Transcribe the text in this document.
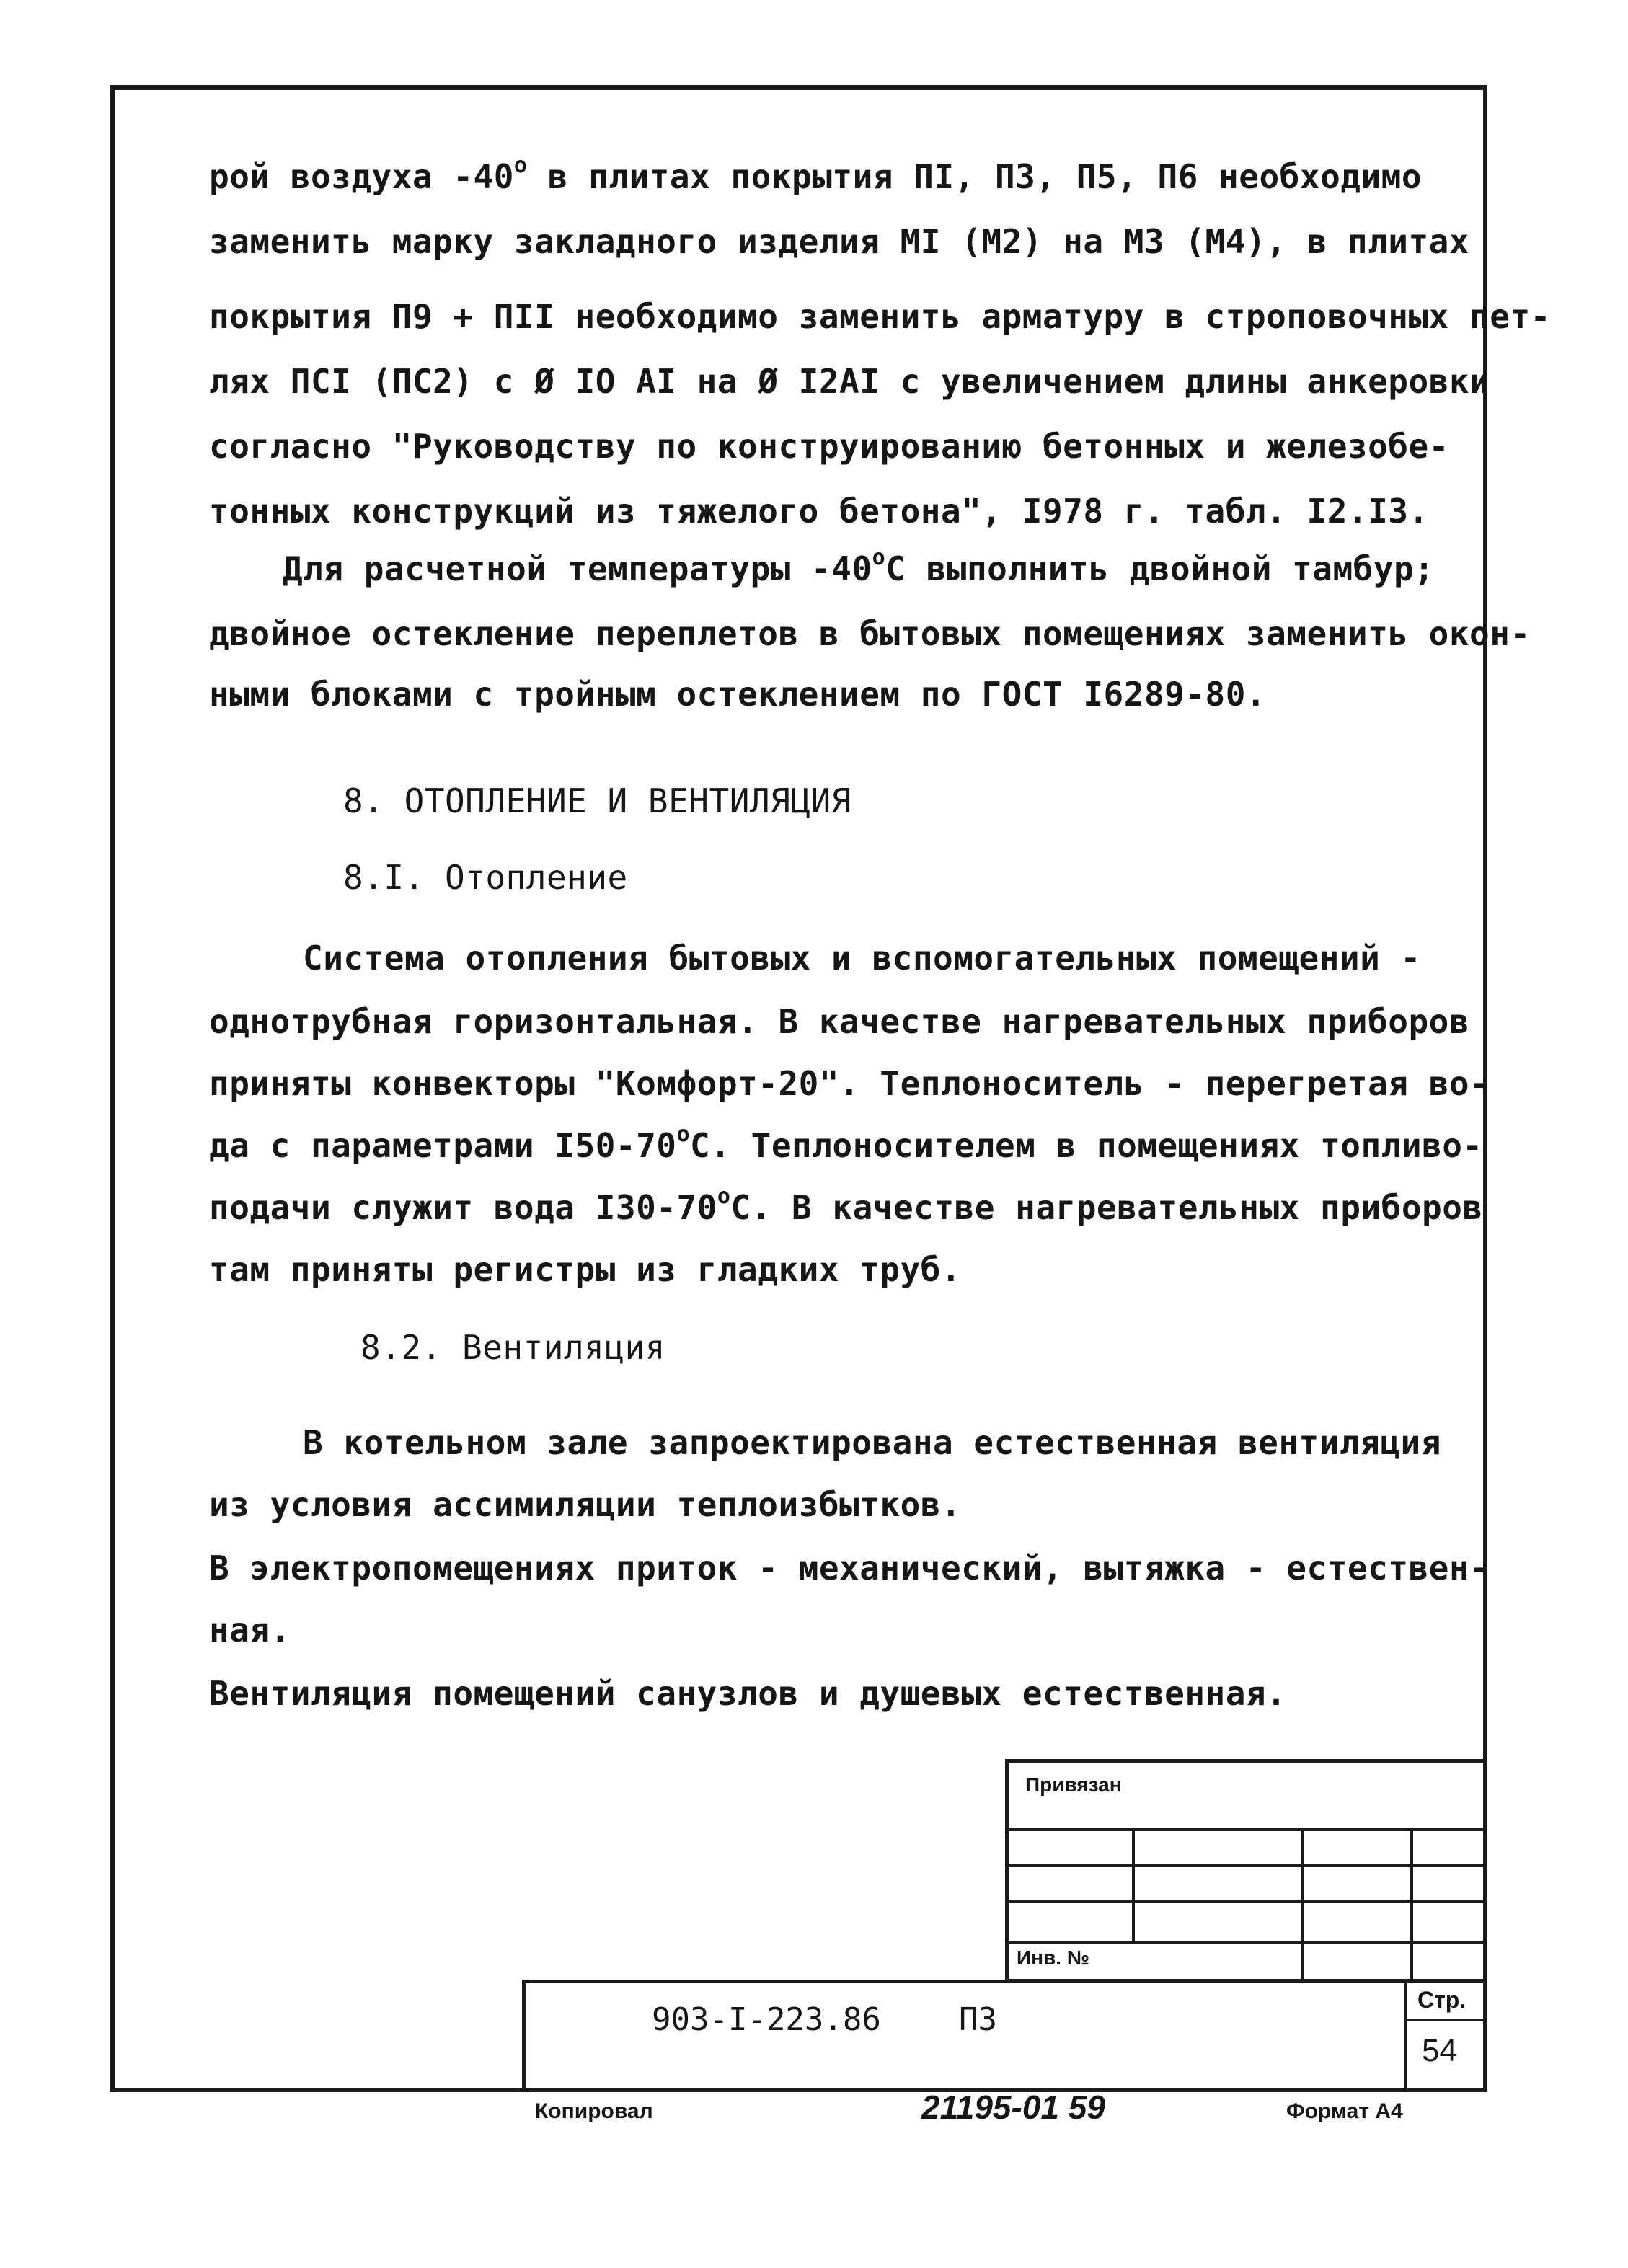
рой воздуха $-40^о$ в плитах покрытия ПI, П3, П5, П6 необходимо
заменить марку закладного изделия МI (М2) на М3 (М4), в плитах
покрытия П9 + ПII необходимо заменить арматуру в строповочных пет-
лях ПСI (ПС2) с Ø IO AI на Ø I2AI с увеличением длины анкеровки
согласно "Руководству по конструированию бетонных и железобе-
тонных конструкций из тяжелого бетона", I978 г. табл. I2.I3.
Для расчетной температуры $-40^оС$ выполнить двойной тамбур;
двойное остекление переплетов в бытовых помещениях заменить окон-
ными блоками с тройным остеклением по ГОСТ I6289-80.
8. ОТОПЛЕНИЕ И ВЕНТИЛЯЦИЯ
8.I. Отопление
Система отопления бытовых и вспомогательных помещений -
однотрубная горизонтальная. В качестве нагревательных приборов
приняты конвекторы "Комфорт-20". Теплоноситель - перегретая во-
да с параметрами $I50-70^оС$. Теплоносителем в помещениях топливо-
подачи служит вода $I30-70^оС$. В качестве нагревательных приборов
там приняты регистры из гладких труб.
8.2. Вентиляция
В котельном зале запроектирована естественная вентиляция
из условия ассимиляции теплоизбытков.
В электропомещениях приток - механический, вытяжка - естествен-
ная.
Вентиляция помещений санузлов и душевых естественная.
Привязан
Инв. №
903-I-223.86 П3
Стр.
54
Копировал	21195-01 59	Формат А4
